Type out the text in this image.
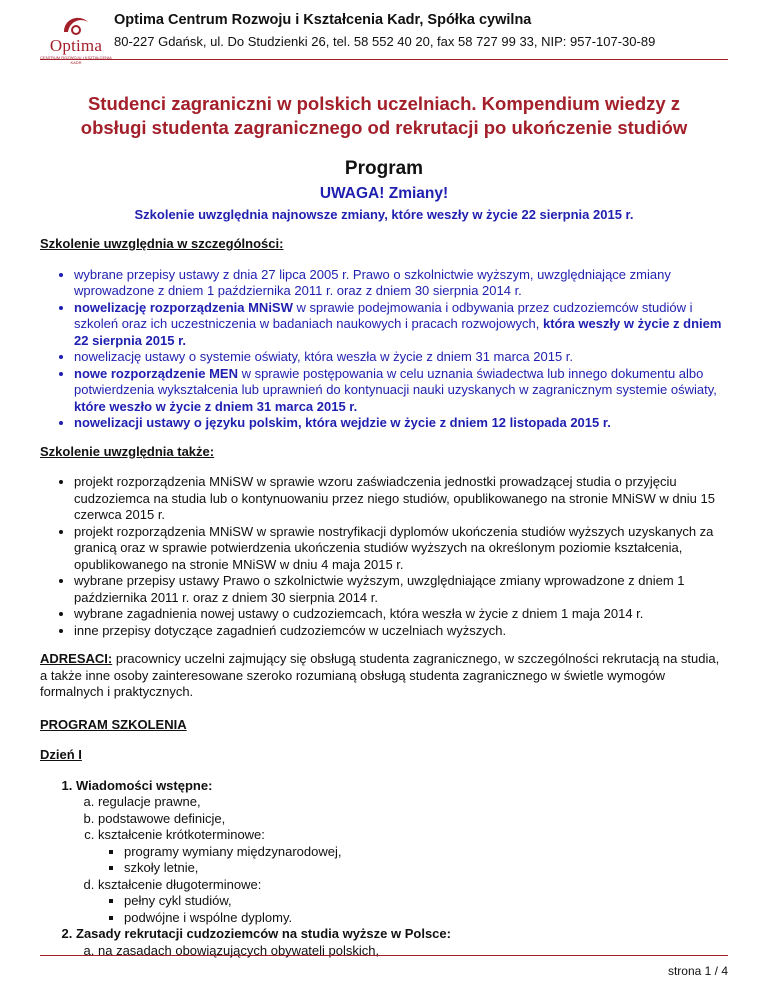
Optima
CENTRUM ROZWOJU I KSZTAŁCENIA KADR
Optima Centrum Rozwoju i Kształcenia Kadr, Spółka cywilna
80-227 Gdańsk, ul. Do Studzienki 26, tel. 58 552 40 20, fax 58 727 99 33, NIP: 957-107-30-89
Studenci zagraniczni w polskich uczelniach. Kompendium wiedzy z
obsługi studenta zagranicznego od rekrutacji po ukończenie studiów
Program
UWAGA! Zmiany!
Szkolenie uwzględnia najnowsze zmiany, które weszły w życie 22 sierpnia 2015 r.
Szkolenie uwzględnia w szczególności:
• wybrane przepisy ustawy z dnia 27 lipca 2005 r. Prawo o szkolnictwie wyższym, uwzględniające zmiany wprowadzone z dniem 1 października 2011 r. oraz z dniem 30 sierpnia 2014 r.
• nowelizację rozporządzenia MNiSW w sprawie podejmowania i odbywania przez cudzoziemców studiów i szkoleń oraz ich uczestniczenia w badaniach naukowych i pracach rozwojowych, która weszły w życie z dniem 22 sierpnia 2015 r.
• nowelizację ustawy o systemie oświaty, która weszła w życie z dniem 31 marca 2015 r.
• nowe rozporządzenie MEN w sprawie postępowania w celu uznania świadectwa lub innego dokumentu albo potwierdzenia wykształcenia lub uprawnień do kontynuacji nauki uzyskanych w zagranicznym systemie oświaty, które weszło w życie z dniem 31 marca 2015 r.
• nowelizacji ustawy o języku polskim, która wejdzie w życie z dniem 12 listopada 2015 r.
Szkolenie uwzględnia także:
• projekt rozporządzenia MNiSW w sprawie wzoru zaświadczenia jednostki prowadzącej studia o przyjęciu cudzoziemca na studia lub o kontynuowaniu przez niego studiów, opublikowanego na stronie MNiSW w dniu 15 czerwca 2015 r.
• projekt rozporządzenia MNiSW w sprawie nostryfikacji dyplomów ukończenia studiów wyższych uzyskanych za granicą oraz w sprawie potwierdzenia ukończenia studiów wyższych na określonym poziomie kształcenia, opublikowanego na stronie MNiSW w dniu 4 maja 2015 r.
• wybrane przepisy ustawy Prawo o szkolnictwie wyższym, uwzględniające zmiany wprowadzone z dniem 1 października 2011 r. oraz z dniem 30 sierpnia 2014 r.
• wybrane zagadnienia nowej ustawy o cudzoziemcach, która weszła w życie z dniem 1 maja 2014 r.
• inne przepisy dotyczące zagadnień cudzoziemców w uczelniach wyższych.
ADRESACI: pracownicy uczelni zajmujący się obsługą studenta zagranicznego, w szczególności rekrutacją na studia, a także inne osoby zainteresowane szeroko rozumianą obsługą studenta zagranicznego w świetle wymogów formalnych i praktycznych.
PROGRAM SZKOLENIA
Dzień I
1. Wiadomości wstępne:
a. regulacje prawne,
b. podstawowe definicje,
c. kształcenie krótkoterminowe:
▪ programy wymiany międzynarodowej,
▪ szkoły letnie,
d. kształcenie długoterminowe:
▪ pełny cykl studiów,
▪ podwójne i wspólne dyplomy.
2. Zasady rekrutacji cudzoziemców na studia wyższe w Polsce:
a. na zasadach obowiązujących obywateli polskich,
strona 1 / 4
